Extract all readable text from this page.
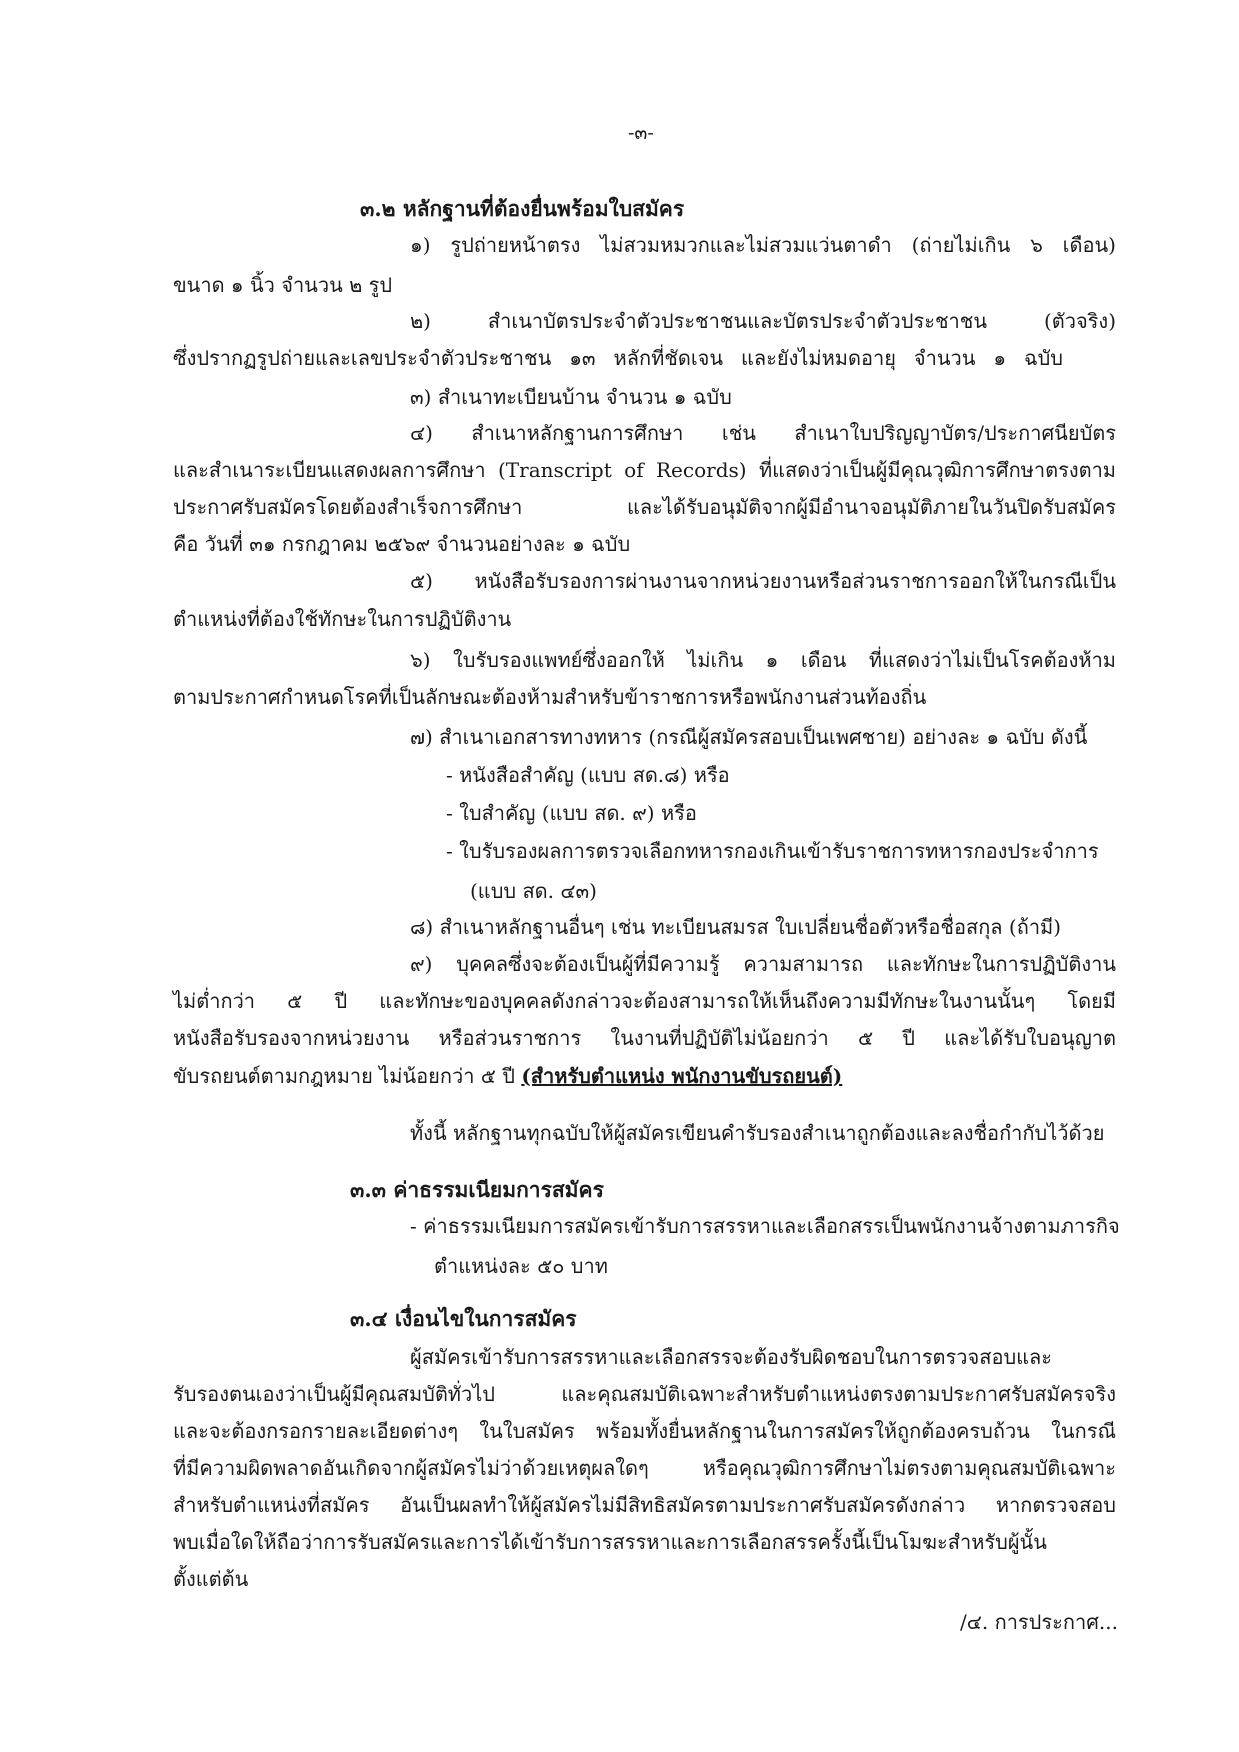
-๓-
๓.๒ หลักฐานที่ต้องยื่นพร้อมใบสมัคร
๑) รูปถ่ายหน้าตรง ไม่สวมหมวกและไม่สวมแว่นตาดำ (ถ่ายไม่เกิน ๖ เดือน)
ขนาด ๑ นิ้ว จำนวน ๒ รูป
๒) สำเนาบัตรประจำตัวประชาชนและบัตรประจำตัวประชาชน (ตัวจริง)
ซึ่งปรากฏรูปถ่ายและเลขประจำตัวประชาชน ๑๓ หลักที่ชัดเจน และยังไม่หมดอายุ จำนวน ๑ ฉบับ
๓) สำเนาทะเบียนบ้าน จำนวน ๑ ฉบับ
๔) สำเนาหลักฐานการศึกษา เช่น สำเนาใบปริญญาบัตร/ประกาศนียบัตร
และสำเนาระเบียนแสดงผลการศึกษา (Transcript of Records) ที่แสดงว่าเป็นผู้มีคุณวุฒิการศึกษาตรงตาม
ประกาศรับสมัครโดยต้องสำเร็จการศึกษา และได้รับอนุมัติจากผู้มีอำนาจอนุมัติภายในวันปิดรับสมัคร
คือ วันที่ ๓๑ กรกฎาคม ๒๕๖๙ จำนวนอย่างละ ๑ ฉบับ
๕) หนังสือรับรองการผ่านงานจากหน่วยงานหรือส่วนราชการออกให้ในกรณีเป็น
ตำแหน่งที่ต้องใช้ทักษะในการปฏิบัติงาน
๖) ใบรับรองแพทย์ซึ่งออกให้ ไม่เกิน ๑ เดือน ที่แสดงว่าไม่เป็นโรคต้องห้าม
ตามประกาศกำหนดโรคที่เป็นลักษณะต้องห้ามสำหรับข้าราชการหรือพนักงานส่วนท้องถิ่น
๗) สำเนาเอกสารทางทหาร (กรณีผู้สมัครสอบเป็นเพศชาย) อย่างละ ๑ ฉบับ ดังนี้
- หนังสือสำคัญ (แบบ สด.๘) หรือ
- ใบสำคัญ (แบบ สด. ๙) หรือ
- ใบรับรองผลการตรวจเลือกทหารกองเกินเข้ารับราชการทหารกองประจำการ
(แบบ สด. ๔๓)
๘) สำเนาหลักฐานอื่นๆ เช่น ทะเบียนสมรส ใบเปลี่ยนชื่อตัวหรือชื่อสกุล (ถ้ามี)
๙) บุคคลซึ่งจะต้องเป็นผู้ที่มีความรู้ ความสามารถ และทักษะในการปฏิบัติงาน
ไม่ต่ำกว่า ๕ ปี และทักษะของบุคคลดังกล่าวจะต้องสามารถให้เห็นถึงความมีทักษะในงานนั้นๆ โดยมี
หนังสือรับรองจากหน่วยงาน หรือส่วนราชการ ในงานที่ปฏิบัติไม่น้อยกว่า ๕ ปี และได้รับใบอนุญาต
ขับรถยนต์ตามกฎหมาย ไม่น้อยกว่า ๕ ปี (สำหรับตำแหน่ง พนักงานขับรถยนต์)
ทั้งนี้ หลักฐานทุกฉบับให้ผู้สมัครเขียนคำรับรองสำเนาถูกต้องและลงชื่อกำกับไว้ด้วย
๓.๓ ค่าธรรมเนียมการสมัคร
- ค่าธรรมเนียมการสมัครเข้ารับการสรรหาและเลือกสรรเป็นพนักงานจ้างตามภารกิจ
ตำแหน่งละ ๕๐ บาท
๓.๔ เงื่อนไขในการสมัคร
ผู้สมัครเข้ารับการสรรหาและเลือกสรรจะต้องรับผิดชอบในการตรวจสอบและ
รับรองตนเองว่าเป็นผู้มีคุณสมบัติทั่วไป และคุณสมบัติเฉพาะสำหรับตำแหน่งตรงตามประกาศรับสมัครจริง
และจะต้องกรอกรายละเอียดต่างๆ ในใบสมัคร พร้อมทั้งยื่นหลักฐานในการสมัครให้ถูกต้องครบถ้วน ในกรณี
ที่มีความผิดพลาดอันเกิดจากผู้สมัครไม่ว่าด้วยเหตุผลใดๆ หรือคุณวุฒิการศึกษาไม่ตรงตามคุณสมบัติเฉพาะ
สำหรับตำแหน่งที่สมัคร อันเป็นผลทำให้ผู้สมัครไม่มีสิทธิสมัครตามประกาศรับสมัครดังกล่าว หากตรวจสอบ
พบเมื่อใดให้ถือว่าการรับสมัครและการได้เข้ารับการสรรหาและการเลือกสรรครั้งนี้เป็นโมฆะสำหรับผู้นั้น
ตั้งแต่ต้น
/๔. การประกาศ...
